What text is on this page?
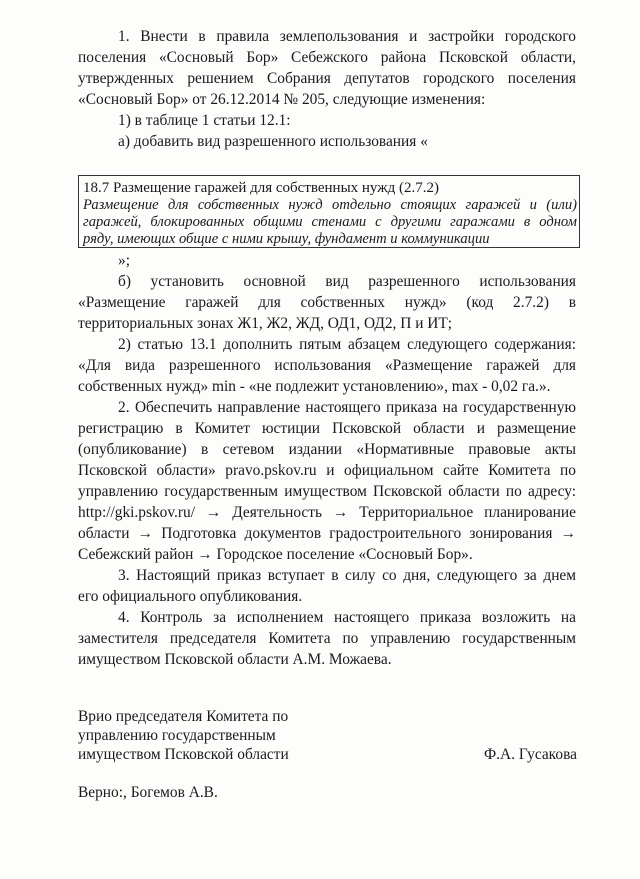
1. Внести в правила землепользования и застройки городского
поселения «Сосновый Бор» Себежского района Псковской области,
утвержденных решением Собрания депутатов городского поселения
«Сосновый Бор» от 26.12.2014 № 205, следующие изменения:
1) в таблице 1 статьи 12.1:
а) добавить вид разрешенного использования «
18.7 Размещение гаражей для собственных нужд (2.7.2)
Размещение для собственных нужд отдельно стоящих гаражей и (или)
гаражей, блокированных общими стенами с другими гаражами в одном
ряду, имеющих общие с ними крышу, фундамент и коммуникации
»;
б) установить основной вид разрешенного использования
«Размещение гаражей для собственных нужд» (код 2.7.2) в
территориальных зонах Ж1, Ж2, ЖД, ОД1, ОД2, П и ИТ;
2) статью 13.1 дополнить пятым абзацем следующего содержания:
«Для вида разрешенного использования «Размещение гаражей для
собственных нужд» min - «не подлежит установлению», max - 0,02 га.».
2. Обеспечить направление настоящего приказа на государственную
регистрацию в Комитет юстиции Псковской области и размещение
(опубликование) в сетевом издании «Нормативные правовые акты
Псковской области» pravo.pskov.ru и официальном сайте Комитета по
управлению государственным имуществом Псковской области по адресу:
http://gki.pskov.ru/ → Деятельность → Территориальное планирование
области → Подготовка документов градостроительного зонирования →
Себежский район → Городское поселение «Сосновый Бор».
3. Настоящий приказ вступает в силу со дня, следующего за днем
его официального опубликования.
4. Контроль за исполнением настоящего приказа возложить на
заместителя председателя Комитета по управлению государственным
имуществом Псковской области А.М. Можаева.
Врио председателя Комитета по
управлению государственным
имуществом Псковской области	Ф.А. Гусакова
Верно:, Богемов А.В.
